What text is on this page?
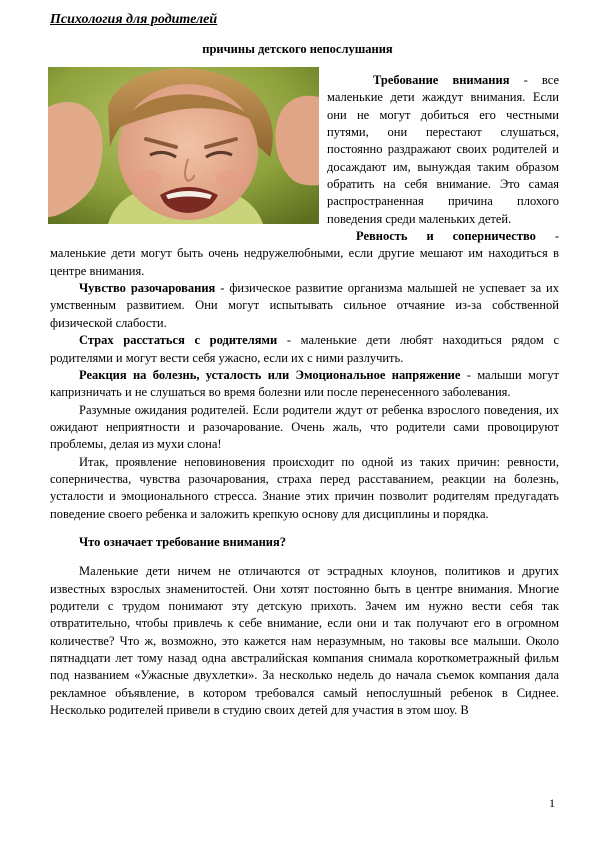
Психология для родителей
причины детского непослушания

Требование внимания - все маленькие дети жаждут внимания. Если они не могут добиться его честными путями, они перестают слушаться, постоянно раздражают своих родителей и досаждают им, вынуждая таким образом обратить на себя внимание. Это самая распространенная причина плохого поведения среди маленьких детей.

Ревность и соперничество - маленькие дети могут быть очень недружелюбными, если другие мешают им находиться в центре внимания.

Чувство разочарования - физическое развитие организма малышей не успевает за их умственным развитием. Они могут испытывать сильное отчаяние из-за собственной физической слабости.

Страх расстаться с родителями - маленькие дети любят находиться рядом с родителями и могут вести себя ужасно, если их с ними разлучить.

Реакция на болезнь, усталость или Эмоциональное напряжение - малыши могут капризничать и не слушаться во время болезни или после перенесенного заболевания.

Разумные ожидания родителей. Если родители ждут от ребенка взрослого поведения, их ожидают неприятности и разочарование. Очень жаль, что родители сами провоцируют проблемы, делая из мухи слона!

Итак, проявление неповиновения происходит по одной из таких причин: ревности, соперничества, чувства разочарования, страха перед расставанием, реакции на болезнь, усталости и эмоционального стресса. Знание этих причин позволит родителям предугадать поведение своего ребенка и заложить крепкую основу для дисциплины и порядка.

Что означает требование внимания?

Маленькие дети ничем не отличаются от эстрадных клоунов, политиков и других известных взрослых знаменитостей. Они хотят постоянно быть в центре внимания. Многие родители с трудом понимают эту детскую прихоть. Зачем им нужно вести себя так отвратительно, чтобы привлечь к себе внимание, если они и так получают его в огромном количестве? Что ж, возможно, это кажется нам неразумным, но таковы все малыши. Около пятнадцати лет тому назад одна австралийская компания снимала короткометражный фильм под названием «Ужасные двухлетки». За несколько недель до начала съемок компания дала рекламное объявление, в котором требовался самый непослушный ребенок в Сиднее. Несколько родителей привели в студию своих детей для участия в этом шоу. В

1
